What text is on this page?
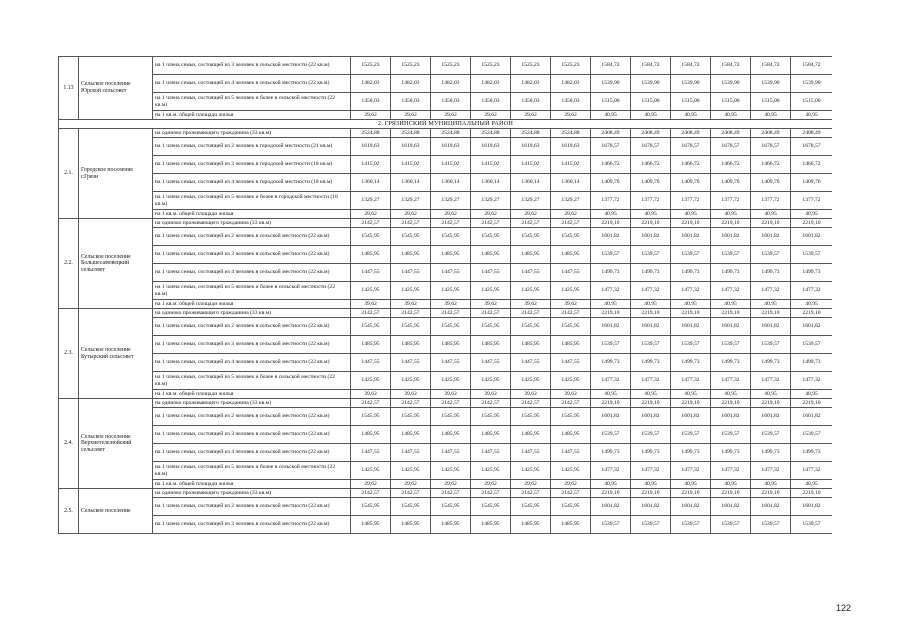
1.13	Сельское поселение Юрской сельсовет	на 1 члена семьи, состоящей из 3 человек в сельской местности (22 кв.м)	1525,23	1525,23	1525,23	1525,23	1525,23	1525,23	1584,72	1584,72	1584,72	1584,72	1584,72	1584,72
		на 1 члена семьи, состоящей из 4 человек в сельской местности (22 кв.м)	1482,03	1482,03	1482,03	1482,03	1482,03	1482,03	1539,90	1539,90	1539,90	1539,90	1539,90	1539,90
		на 1 члена семьи, состоящей из 5 человек и более в сельской местности (22 кв.м)	1458,03	1458,03	1458,03	1458,03	1458,03	1458,03	1515,00	1515,00	1515,00	1515,00	1515,00	1515,00
		на 1 кв.м. общей площади жилья	39,62	39,62	39,62	39,62	39,62	39,62	40,95	40,95	40,95	40,95	40,95	40,95
2. ГРЯЗИНСКИЙ МУНИЦИПАЛЬНЫЙ РАЙОН														
2.1.	Городское поселение г.Грязи	на одиноко проживающего гражданина (33 кв.м)	2524,88	2524,88	2524,88	2524,88	2524,88	2524,88	2408,49	2408,49	2408,49	2408,49	2408,49	2408,49
		на 1 члена семьи, состоящей из 2 человек в городской местности (21 кв.м)	1619,63	1619,63	1619,63	1619,63	1619,63	1619,63	1678,57	1678,57	1678,57	1678,57	1678,57	1678,57
		на 1 члена семьи, состоящей из 3 человек в городской местности (18 кв.м)	1415,02	1415,02	1415,02	1415,02	1415,02	1415,02	1466,72	1466,72	1466,72	1466,72	1466,72	1466,72
		на 1 члена семьи, состоящей из 4 человек в городской местности (18 кв.м)	1360,14	1360,14	1360,14	1360,14	1360,14	1360,14	1409,76	1409,76	1409,76	1409,76	1409,76	1409,76
		на 1 члена семьи, состоящей из 5 человек и более в городской местности (18 кв.м)	1329,27	1329,27	1329,27	1329,27	1329,27	1329,27	1377,72	1377,72	1377,72	1377,72	1377,72	1377,72
		на 1 кв.м. общей площади жилья	39,62	39,62	39,62	39,62	39,62	39,62	40,95	40,95	40,95	40,95	40,95	40,95
2.2.	Сельское поселение Большесамовецкий сельсовет	на одиноко проживающего гражданина (33 кв.м)	2142,57	2142,57	2142,57	2142,57	2142,57	2142,57	2219,10	2219,10	2219,10	2219,10	2219,10	2219,10
		на 1 члена семьи, состоящей из 2 человек в сельской местности (22 кв.м)	1545,95	1545,95	1545,95	1545,95	1545,95	1545,95	1601,82	1601,82	1601,82	1601,82	1601,82	1601,82
		на 1 члена семьи, состоящей из 3 человек в сельской местности (22 кв.м)	1485,95	1485,95	1485,95	1485,95	1485,95	1485,95	1539,57	1539,57	1539,57	1539,57	1539,57	1539,57
		на 1 члена семьи, состоящей из 4 человек в сельской местности (22 кв.м)	1447,55	1447,55	1447,55	1447,55	1447,55	1447,55	1499,73	1499,73	1499,73	1499,73	1499,73	1499,73
		на 1 члена семьи, состоящей из 5 человек и более в сельской местности (22 кв.м)	1425,95	1425,95	1425,95	1425,95	1425,95	1425,95	1477,32	1477,32	1477,32	1477,32	1477,32	1477,32
		на 1 кв.м. общей площади жилья	39,62	39,62	39,62	39,62	39,62	39,62	40,95	40,95	40,95	40,95	40,95	40,95
2.3.	Сельское поселение Бутырский сельсовет	на одиноко проживающего гражданина (33 кв.м)	2142,57	2142,57	2142,57	2142,57	2142,57	2142,57	2219,10	2219,10	2219,10	2219,10	2219,10	2219,10
		на 1 члена семьи, состоящей из 2 человек в сельской местности (22 кв.м)	1545,95	1545,95	1545,95	1545,95	1545,95	1545,95	1601,82	1601,82	1601,82	1601,82	1601,82	1601,82
		на 1 члена семьи, состоящей из 3 человек в сельской местности (22 кв.м)	1485,95	1485,95	1485,95	1485,95	1485,95	1485,95	1539,57	1539,57	1539,57	1539,57	1539,57	1539,57
		на 1 члена семьи, состоящей из 4 человек в сельской местности (22 кв.м)	1447,55	1447,55	1447,55	1447,55	1447,55	1447,55	1499,73	1499,73	1499,73	1499,73	1499,73	1499,73
		на 1 члена семьи, состоящей из 5 человек и более в сельской местности (22 кв.м)	1425,95	1425,95	1425,95	1425,95	1425,95	1425,95	1477,32	1477,32	1477,32	1477,32	1477,32	1477,32
		на 1 кв.м. общей площади жилья	39,62	39,62	39,62	39,62	39,62	39,62	40,95	40,95	40,95	40,95	40,95	40,95
2.4.	Сельское поселение Верхнетелелюйский сельсовет	на одиноко проживающего гражданина (33 кв.м)	2142,57	2142,57	2142,57	2142,57	2142,57	2142,57	2219,10	2219,10	2219,10	2219,10	2219,10	2219,10
		на 1 члена семьи, состоящей из 2 человек в сельской местности (22 кв.м)	1545,95	1545,95	1545,95	1545,95	1545,95	1545,95	1601,82	1601,82	1601,82	1601,82	1601,82	1601,82
		на 1 члена семьи, состоящей из 3 человек в сельской местности (22 кв.м)	1485,95	1485,95	1485,95	1485,95	1485,95	1485,95	1539,57	1539,57	1539,57	1539,57	1539,57	1539,57
		на 1 члена семьи, состоящей из 4 человек в сельской местности (22 кв.м)	1447,55	1447,55	1447,55	1447,55	1447,55	1447,55	1499,73	1499,73	1499,73	1499,73	1499,73	1499,73
		на 1 члена семьи, состоящей из 5 человек и более в сельской местности (22 кв.м)	1425,95	1425,95	1425,95	1425,95	1425,95	1425,95	1477,32	1477,32	1477,32	1477,32	1477,32	1477,32
		на 1 кв.м. общей площади жилья	39,62	39,62	39,62	39,62	39,62	39,62	40,95	40,95	40,95	40,95	40,95	40,95
2.5.	Сельское поселение	на одиноко проживающего гражданина (33 кв.м)	2142,57	2142,57	2142,57	2142,57	2142,57	2142,57	2219,10	2219,10	2219,10	2219,10	2219,10	2219,10
		на 1 члена семьи, состоящей из 2 человек в сельской местности (22 кв.м)	1545,95	1545,95	1545,95	1545,95	1545,95	1545,95	1601,82	1601,82	1601,82	1601,82	1601,82	1601,82
		на 1 члена семьи, состоящей из 3 человек в сельской местности (22 кв.м)	1485,95	1485,95	1485,95	1485,95	1485,95	1485,95	1539,57	1539,57	1539,57	1539,57	1539,57	1539,57
122
